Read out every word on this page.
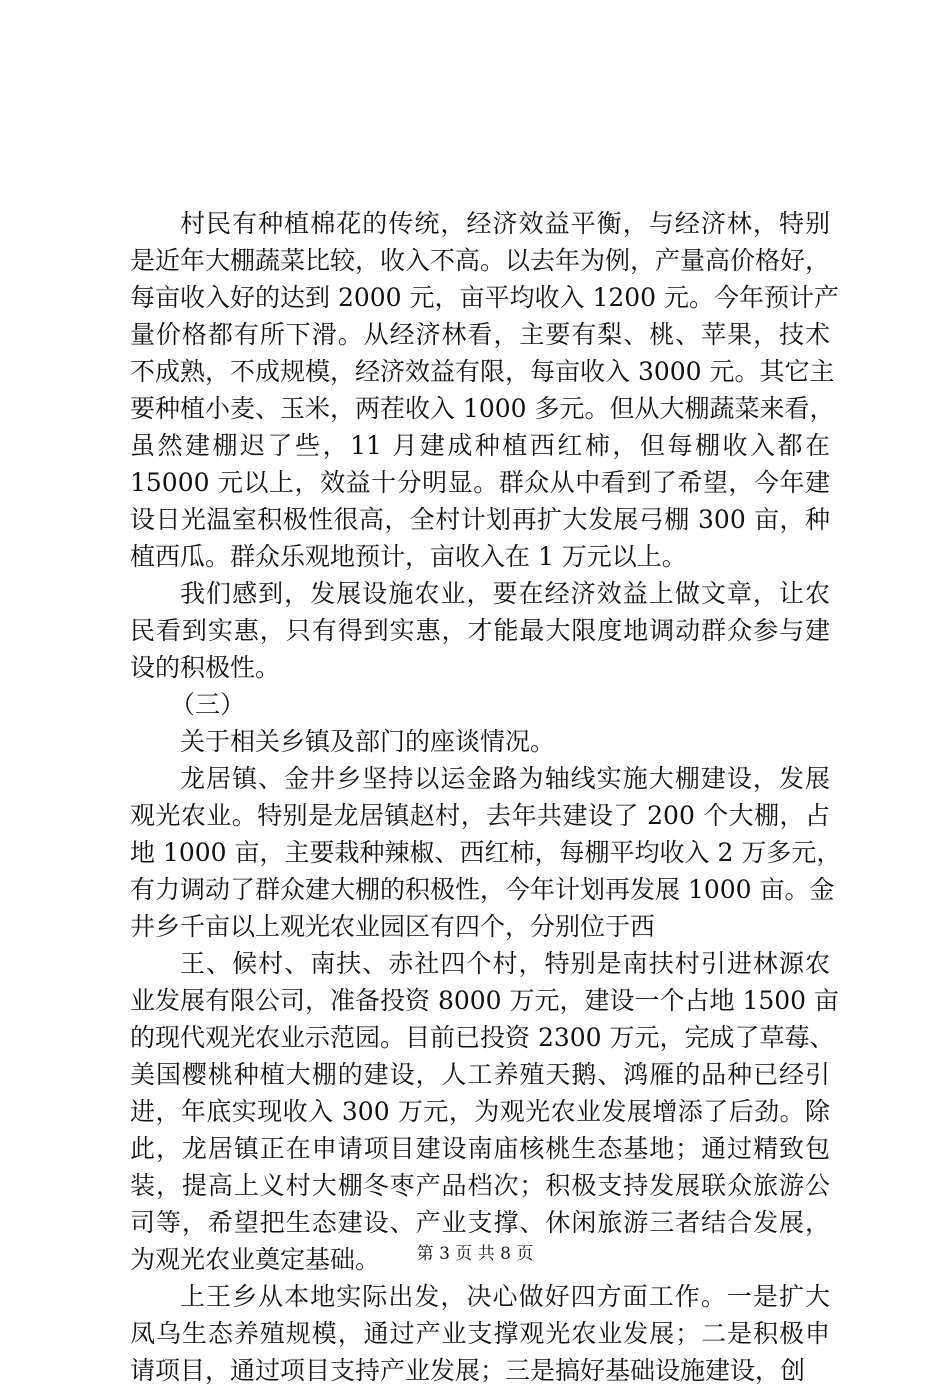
村民有种植棉花的传统，经济效益平衡，与经济林，特别
是近年大棚蔬菜比较，收入不高。以去年为例，产量高价格好，
每亩收入好的达到 2000 元，亩平均收入 1200 元。今年预计产
量价格都有所下滑。从经济林看，主要有梨、桃、苹果，技术
不成熟，不成规模，经济效益有限，每亩收入 3000 元。其它主
要种植小麦、玉米，两茬收入 1000 多元。但从大棚蔬菜来看，
虽然建棚迟了些，11 月建成种植西红柿，但每棚收入都在
15000 元以上，效益十分明显。群众从中看到了希望，今年建
设日光温室积极性很高，全村计划再扩大发展弓棚 300 亩，种
植西瓜。群众乐观地预计，亩收入在 1 万元以上。
我们感到，发展设施农业，要在经济效益上做文章，让农
民看到实惠，只有得到实惠，才能最大限度地调动群众参与建
设的积极性。
（三）
关于相关乡镇及部门的座谈情况。
龙居镇、金井乡坚持以运金路为轴线实施大棚建设，发展
观光农业。特别是龙居镇赵村，去年共建设了 200 个大棚，占
地 1000 亩，主要栽种辣椒、西红柿，每棚平均收入 2 万多元，
有力调动了群众建大棚的积极性，今年计划再发展 1000 亩。金
井乡千亩以上观光农业园区有四个，分别位于西
王、候村、南扶、赤社四个村，特别是南扶村引进林源农
业发展有限公司，准备投资 8000 万元，建设一个占地 1500 亩
的现代观光农业示范园。目前已投资 2300 万元，完成了草莓、
美国樱桃种植大棚的建设，人工养殖天鹅、鸿雁的品种已经引
进，年底实现收入 300 万元，为观光农业发展增添了后劲。除
此，龙居镇正在申请项目建设南庙核桃生态基地；通过精致包
装，提高上义村大棚冬枣产品档次；积极支持发展联众旅游公
司等，希望把生态建设、产业支撑、休闲旅游三者结合发展，
为观光农业奠定基础。
上王乡从本地实际出发，决心做好四方面工作。一是扩大
凤乌生态养殖规模，通过产业支撑观光农业发展；二是积极申
请项目，通过项目支持产业发展；三是搞好基础设施建设，创
第 3 页 共 8 页
